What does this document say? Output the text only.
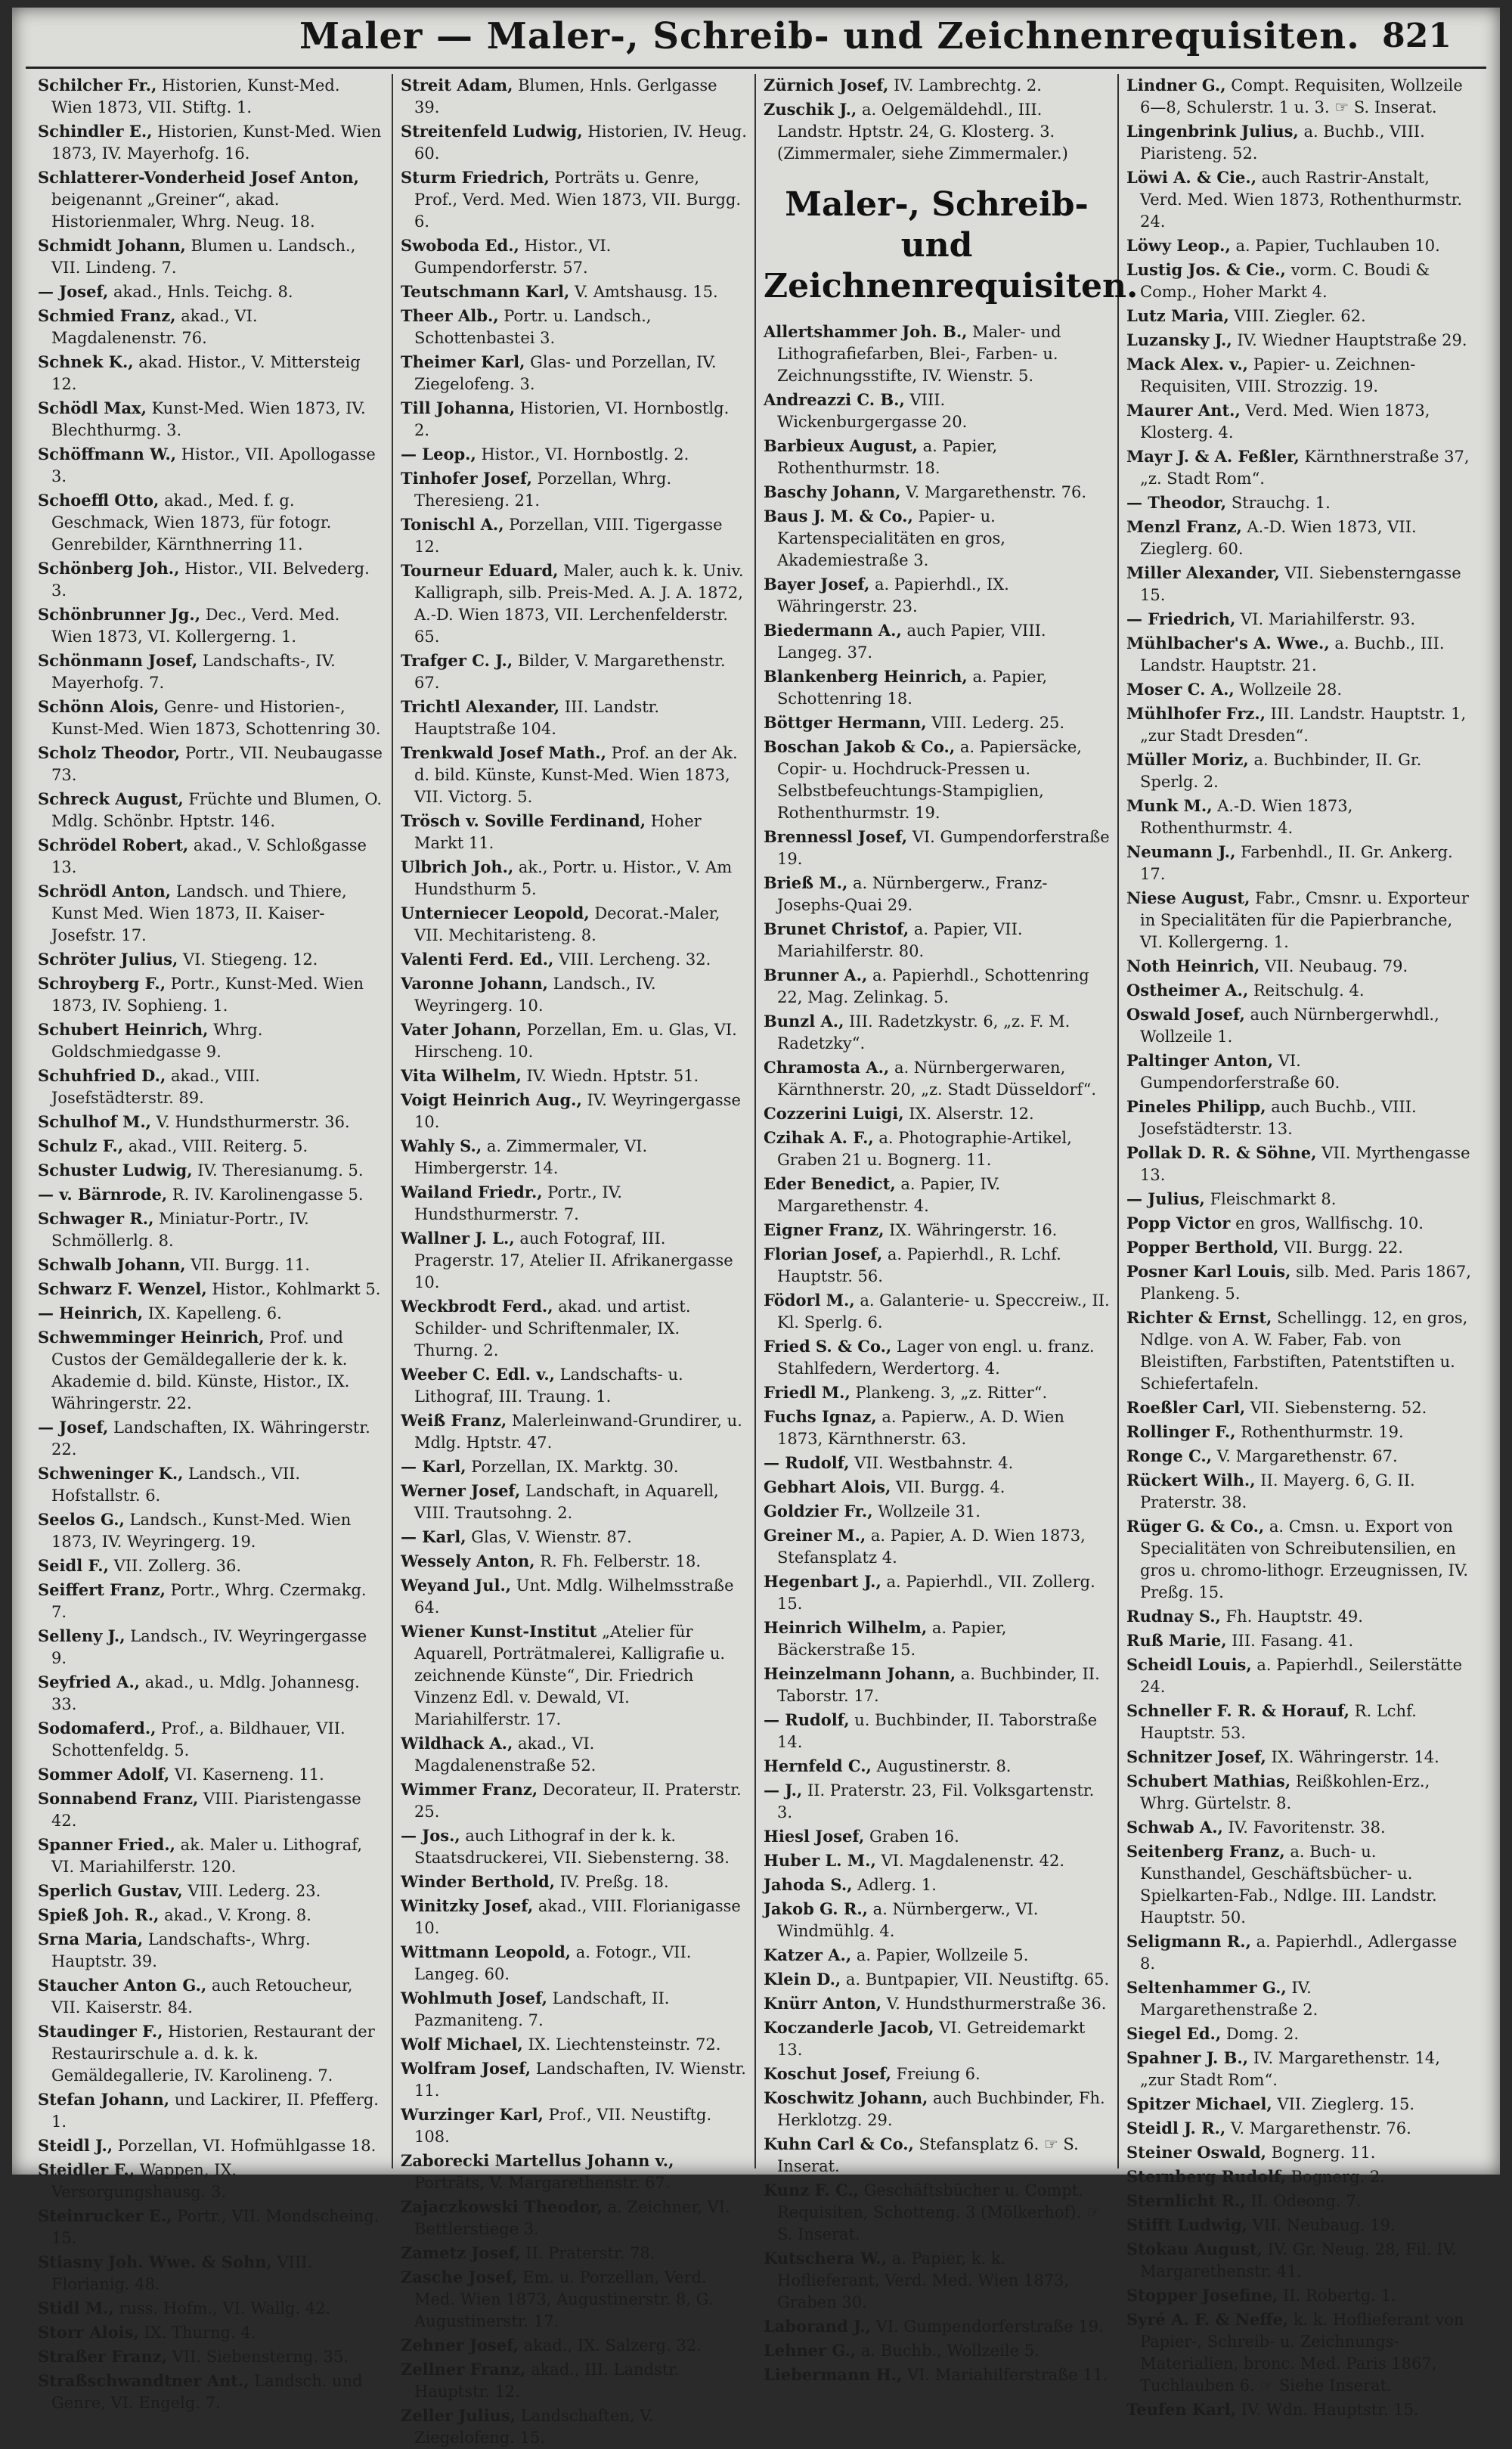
Maler — Maler-, Schreib- und Zeichnenrequisiten. 821
Schilcher Fr., Historien, Kunst-Med. Wien 1873, VII. Stiftg. 1.
Schindler E., Historien, Kunst-Med. Wien 1873, IV. Mayerhofg. 16.
Schlatterer-Vonderheid Josef Anton, beigenannt „Greiner“, akad. Historienmaler, Whrg. Neug. 18.
Schmidt Johann, Blumen u. Landsch., VII. Lindeng. 7.
— Josef, akad., Hnls. Teichg. 8.
Schmied Franz, akad., VI. Magdalenenstr. 76.
Schnek K., akad. Histor., V. Mittersteig 12.
Schödl Max, Kunst-Med. Wien 1873, IV. Blechthurmg. 3.
Schöffmann W., Histor., VII. Apollogasse 3.
Schoeffl Otto, akad., Med. f. g. Geschmack, Wien 1873, für fotogr. Genrebilder, Kärnthnerring 11.
Schönberg Joh., Histor., VII. Belvederg. 3.
Schönbrunner Jg., Dec., Verd. Med. Wien 1873, VI. Kollergerng. 1.
Schönmann Josef, Landschafts-, IV. Mayerhofg. 7.
Schönn Alois, Genre- und Historien-, Kunst-Med. Wien 1873, Schottenring 30.
Scholz Theodor, Portr., VII. Neubaugasse 73.
Schreck August, Früchte und Blumen, O. Mdlg. Schönbr. Hptstr. 146.
Schrödel Robert, akad., V. Schloßgasse 13.
Schrödl Anton, Landsch. und Thiere, Kunst Med. Wien 1873, II. Kaiser-Josefstr. 17.
Schröter Julius, VI. Stiegeng. 12.
Schroyberg F., Portr., Kunst-Med. Wien 1873, IV. Sophieng. 1.
Schubert Heinrich, Whrg. Goldschmiedgasse 9.
Schuhfried D., akad., VIII. Josefstädterstr. 89.
Schulhof M., V. Hundsthurmerstr. 36.
Schulz F., akad., VIII. Reiterg. 5.
Schuster Ludwig, IV. Theresianumg. 5.
— v. Bärnrode, R. IV. Karolinengasse 5.
Schwager R., Miniatur-Portr., IV. Schmöllerlg. 8.
Schwalb Johann, VII. Burgg. 11.
Schwarz F. Wenzel, Histor., Kohlmarkt 5.
— Heinrich, IX. Kapelleng. 6.
Schwemminger Heinrich, Prof. und Custos der Gemäldegallerie der k. k. Akademie d. bild. Künste, Histor., IX. Währingerstr. 22.
— Josef, Landschaften, IX. Währingerstr. 22.
Schweninger K., Landsch., VII. Hofstallstr. 6.
Seelos G., Landsch., Kunst-Med. Wien 1873, IV. Weyringerg. 19.
Seidl F., VII. Zollerg. 36.
Seiffert Franz, Portr., Whrg. Czermakg. 7.
Selleny J., Landsch., IV. Weyringergasse 9.
Seyfried A., akad., u. Mdlg. Johannesg. 33.
Sodomaferd., Prof., a. Bildhauer, VII. Schottenfeldg. 5.
Sommer Adolf, VI. Kaserneng. 11.
Sonnabend Franz, VIII. Piaristengasse 42.
Spanner Fried., ak. Maler u. Lithograf, VI. Mariahilferstr. 120.
Sperlich Gustav, VIII. Lederg. 23.
Spieß Joh. R., akad., V. Krong. 8.
Srna Maria, Landschafts-, Whrg. Hauptstr. 39.
Staucher Anton G., auch Retoucheur, VII. Kaiserstr. 84.
Staudinger F., Historien, Restaurant der Restaurirschule a. d. k. k. Gemäldegallerie, IV. Karolineng. 7.
Stefan Johann, und Lackirer, II. Pfefferg. 1.
Steidl J., Porzellan, VI. Hofmühlgasse 18.
Steidler F., Wappen, IX. Versorgungshausg. 3.
Steinrucker E., Portr., VII. Mondscheing. 15.
Stiasny Joh. Wwe. & Sohn, VIII. Florianig. 48.
Stidl M., russ. Hofm., VI. Wallg. 42.
Storr Alois, IX. Thurng. 4.
Straßer Franz, VII. Siebensterng. 35.
Straßschwandtner Ant., Landsch. und Genre, VI. Engelg. 7.
Streit Adam, Blumen, Hnls. Gerlgasse 39.
Streitenfeld Ludwig, Historien, IV. Heug. 60.
Sturm Friedrich, Porträts u. Genre, Prof., Verd. Med. Wien 1873, VII. Burgg. 6.
Swoboda Ed., Histor., VI. Gumpendorferstr. 57.
Teutschmann Karl, V. Amtshausg. 15.
Theer Alb., Portr. u. Landsch., Schottenbastei 3.
Theimer Karl, Glas- und Porzellan, IV. Ziegelofeng. 3.
Till Johanna, Historien, VI. Hornbostlg. 2.
— Leop., Histor., VI. Hornbostlg. 2.
Tinhofer Josef, Porzellan, Whrg. Theresieng. 21.
Tonischl A., Porzellan, VIII. Tigergasse 12.
Tourneur Eduard, Maler, auch k. k. Univ. Kalligraph, silb. Preis-Med. A. J. A. 1872, A.-D. Wien 1873, VII. Lerchenfelderstr. 65.
Trafger C. J., Bilder, V. Margarethenstr. 67.
Trichtl Alexander, III. Landstr. Hauptstraße 104.
Trenkwald Josef Math., Prof. an der Ak. d. bild. Künste, Kunst-Med. Wien 1873, VII. Victorg. 5.
Trösch v. Soville Ferdinand, Hoher Markt 11.
Ulbrich Joh., ak., Portr. u. Histor., V. Am Hundsthurm 5.
Unterniecer Leopold, Decorat.-Maler, VII. Mechitaristeng. 8.
Valenti Ferd. Ed., VIII. Lercheng. 32.
Varonne Johann, Landsch., IV. Weyringerg. 10.
Vater Johann, Porzellan, Em. u. Glas, VI. Hirscheng. 10.
Vita Wilhelm, IV. Wiedn. Hptstr. 51.
Voigt Heinrich Aug., IV. Weyringergasse 10.
Wahly S., a. Zimmermaler, VI. Himbergerstr. 14.
Wailand Friedr., Portr., IV. Hundsthurmerstr. 7.
Wallner J. L., auch Fotograf, III. Pragerstr. 17, Atelier II. Afrikanergasse 10.
Weckbrodt Ferd., akad. und artist. Schilder- und Schriftenmaler, IX. Thurng. 2.
Weeber C. Edl. v., Landschafts- u. Lithograf, III. Traung. 1.
Weiß Franz, Malerleinwand-Grundirer, u. Mdlg. Hptstr. 47.
— Karl, Porzellan, IX. Marktg. 30.
Werner Josef, Landschaft, in Aquarell, VIII. Trautsohng. 2.
— Karl, Glas, V. Wienstr. 87.
Wessely Anton, R. Fh. Felberstr. 18.
Weyand Jul., Unt. Mdlg. Wilhelmsstraße 64.
Wiener Kunst-Institut „Atelier für Aquarell, Porträtmalerei, Kalligrafie u. zeichnende Künste“, Dir. Friedrich Vinzenz Edl. v. Dewald, VI. Mariahilferstr. 17.
Wildhack A., akad., VI. Magdalenenstraße 52.
Wimmer Franz, Decorateur, II. Praterstr. 25.
— Jos., auch Lithograf in der k. k. Staatsdruckerei, VII. Siebensterng. 38.
Winder Berthold, IV. Preßg. 18.
Winitzky Josef, akad., VIII. Florianigasse 10.
Wittmann Leopold, a. Fotogr., VII. Langeg. 60.
Wohlmuth Josef, Landschaft, II. Pazmaniteng. 7.
Wolf Michael, IX. Liechtensteinstr. 72.
Wolfram Josef, Landschaften, IV. Wienstr. 11.
Wurzinger Karl, Prof., VII. Neustiftg. 108.
Zaborecki Martellus Johann v., Porträts, V. Margarethenstr. 67.
Zajaczkowski Theodor, a. Zeichner, VI. Bettlerstiege 3.
Zametz Josef, II. Praterstr. 78.
Zasche Josef, Em. u. Porzellan, Verd. Med. Wien 1873, Augustinerstr. 8, G. Augustinerstr. 17.
Zehner Josef, akad., IX. Salzerg. 32.
Zellner Franz, akad., III. Landstr. Hauptstr. 12.
Zeller Julius, Landschaften, V. Ziegelofeng. 15.
Zürnich Josef, IV. Lambrechtg. 2.
Zuschik J., a. Oelgemäldehdl., III. Landstr. Hptstr. 24, G. Klosterg. 3. (Zimmermaler, siehe Zimmermaler.)
Maler-, Schreib- und Zeichnenrequisiten.
Allertshammer Joh. B., Maler- und Lithografiefarben, Blei-, Farben- u. Zeichnungsstifte, IV. Wienstr. 5.
Andreazzi C. B., VIII. Wickenburgergasse 20.
Barbieux August, a. Papier, Rothenthurmstr. 18.
Baschy Johann, V. Margarethenstr. 76.
Baus J. M. & Co., Papier- u. Kartenspecialitäten en gros, Akademiestraße 3.
Bayer Josef, a. Papierhdl., IX. Währingerstr. 23.
Biedermann A., auch Papier, VIII. Langeg. 37.
Blankenberg Heinrich, a. Papier, Schottenring 18.
Böttger Hermann, VIII. Lederg. 25.
Boschan Jakob & Co., a. Papiersäcke, Copir- u. Hochdruck-Pressen u. Selbstbefeuchtungs-Stampiglien, Rothenthurmstr. 19.
Brennessl Josef, VI. Gumpendorferstraße 19.
Brieß M., a. Nürnbergerw., Franz-Josephs-Quai 29.
Brunet Christof, a. Papier, VII. Mariahilferstr. 80.
Brunner A., a. Papierhdl., Schottenring 22, Mag. Zelinkag. 5.
Bunzl A., III. Radetzkystr. 6, „z. F. M. Radetzky“.
Chramosta A., a. Nürnbergerwaren, Kärnthnerstr. 20, „z. Stadt Düsseldorf“.
Cozzerini Luigi, IX. Alserstr. 12.
Czihak A. F., a. Photographie-Artikel, Graben 21 u. Bognerg. 11.
Eder Benedict, a. Papier, IV. Margarethenstr. 4.
Eigner Franz, IX. Währingerstr. 16.
Florian Josef, a. Papierhdl., R. Lchf. Hauptstr. 56.
Födorl M., a. Galanterie- u. Speccreiw., II. Kl. Sperlg. 6.
Fried S. & Co., Lager von engl. u. franz. Stahlfedern, Werdertorg. 4.
Friedl M., Plankeng. 3, „z. Ritter“.
Fuchs Ignaz, a. Papierw., A. D. Wien 1873, Kärnthnerstr. 63.
— Rudolf, VII. Westbahnstr. 4.
Gebhart Alois, VII. Burgg. 4.
Goldzier Fr., Wollzeile 31.
Greiner M., a. Papier, A. D. Wien 1873, Stefansplatz 4.
Hegenbart J., a. Papierhdl., VII. Zollerg. 15.
Heinrich Wilhelm, a. Papier, Bäckerstraße 15.
Heinzelmann Johann, a. Buchbinder, II. Taborstr. 17.
— Rudolf, u. Buchbinder, II. Taborstraße 14.
Hernfeld C., Augustinerstr. 8.
— J., II. Praterstr. 23, Fil. Volksgartenstr. 3.
Hiesl Josef, Graben 16.
Huber L. M., VI. Magdalenenstr. 42.
Jahoda S., Adlerg. 1.
Jakob G. R., a. Nürnbergerw., VI. Windmühlg. 4.
Katzer A., a. Papier, Wollzeile 5.
Klein D., a. Buntpapier, VII. Neustiftg. 65.
Knürr Anton, V. Hundsthurmerstraße 36.
Koczanderle Jacob, VI. Getreidemarkt 13.
Koschut Josef, Freiung 6.
Koschwitz Johann, auch Buchbinder, Fh. Herklotzg. 29.
Kuhn Carl & Co., Stefansplatz 6. ☞ S. Inserat.
Kunz F. C., Geschäftsbücher u. Compt. Requisiten, Schotteng. 3 (Mölkerhof). ☞ S. Inserat.
Kutschera W., a. Papier, k. k. Hoflieferant, Verd. Med. Wien 1873, Graben 30.
Laborand J., VI. Gumpendorferstraße 19.
Lehner G., a. Buchb., Wollzeile 5.
Liebermann H., VI. Mariahilferstraße 11.
Lindner G., Compt. Requisiten, Wollzeile 6—8, Schulerstr. 1 u. 3. ☞ S. Inserat.
Lingenbrink Julius, a. Buchb., VIII. Piaristeng. 52.
Löwi A. & Cie., auch Rastrir-Anstalt, Verd. Med. Wien 1873, Rothenthurmstr. 24.
Löwy Leop., a. Papier, Tuchlauben 10.
Lustig Jos. & Cie., vorm. C. Boudi & Comp., Hoher Markt 4.
Lutz Maria, VIII. Ziegler. 62.
Luzansky J., IV. Wiedner Hauptstraße 29.
Mack Alex. v., Papier- u. Zeichnen-Requisiten, VIII. Strozzig. 19.
Maurer Ant., Verd. Med. Wien 1873, Klosterg. 4.
Mayr J. & A. Feßler, Kärnthnerstraße 37, „z. Stadt Rom“.
— Theodor, Strauchg. 1.
Menzl Franz, A.-D. Wien 1873, VII. Zieglerg. 60.
Miller Alexander, VII. Siebensterngasse 15.
— Friedrich, VI. Mariahilferstr. 93.
Mühlbacher's A. Wwe., a. Buchb., III. Landstr. Hauptstr. 21.
Moser C. A., Wollzeile 28.
Mühlhofer Frz., III. Landstr. Hauptstr. 1, „zur Stadt Dresden“.
Müller Moriz, a. Buchbinder, II. Gr. Sperlg. 2.
Munk M., A.-D. Wien 1873, Rothenthurmstr. 4.
Neumann J., Farbenhdl., II. Gr. Ankerg. 17.
Niese August, Fabr., Cmsnr. u. Exporteur in Specialitäten für die Papierbranche, VI. Kollergerng. 1.
Noth Heinrich, VII. Neubaug. 79.
Ostheimer A., Reitschulg. 4.
Oswald Josef, auch Nürnbergerwhdl., Wollzeile 1.
Paltinger Anton, VI. Gumpendorferstraße 60.
Pineles Philipp, auch Buchb., VIII. Josefstädterstr. 13.
Pollak D. R. & Söhne, VII. Myrthengasse 13.
— Julius, Fleischmarkt 8.
Popp Victor en gros, Wallfischg. 10.
Popper Berthold, VII. Burgg. 22.
Posner Karl Louis, silb. Med. Paris 1867, Plankeng. 5.
Richter & Ernst, Schellingg. 12, en gros, Ndlge. von A. W. Faber, Fab. von Bleistiften, Farbstiften, Patentstiften u. Schiefertafeln.
Roeßler Carl, VII. Siebensterng. 52.
Rollinger F., Rothenthurmstr. 19.
Ronge C., V. Margarethenstr. 67.
Rückert Wilh., II. Mayerg. 6, G. II. Praterstr. 38.
Rüger G. & Co., a. Cmsn. u. Export von Specialitäten von Schreibutensilien, en gros u. chromo-lithogr. Erzeugnissen, IV. Preßg. 15.
Rudnay S., Fh. Hauptstr. 49.
Ruß Marie, III. Fasang. 41.
Scheidl Louis, a. Papierhdl., Seilerstätte 24.
Schneller F. R. & Horauf, R. Lchf. Hauptstr. 53.
Schnitzer Josef, IX. Währingerstr. 14.
Schubert Mathias, Reißkohlen-Erz., Whrg. Gürtelstr. 8.
Schwab A., IV. Favoritenstr. 38.
Seitenberg Franz, a. Buch- u. Kunsthandel, Geschäftsbücher- u. Spielkarten-Fab., Ndlge. III. Landstr. Hauptstr. 50.
Seligmann R., a. Papierhdl., Adlergasse 8.
Seltenhammer G., IV. Margarethenstraße 2.
Siegel Ed., Domg. 2.
Spahner J. B., IV. Margarethenstr. 14, „zur Stadt Rom“.
Spitzer Michael, VII. Zieglerg. 15.
Steidl J. R., V. Margarethenstr. 76.
Steiner Oswald, Bognerg. 11.
Sternberg Rudolf, Bognerg. 2.
Sternlicht R., II. Odeong. 7.
Stifft Ludwig, VII. Neubaug. 19.
Stokau August, IV. Gr. Neug. 28, Fil. IV. Margarethenstr. 41.
Stopper Josefine, II. Robertg. 1.
Syré A. F. & Neffe, k. k. Hoflieferant von Papier-, Schreib- u. Zeichnungs-Materialien, bronc. Med. Paris 1867, Tuchlauben 6. ☞ Siehe Inserat.
Teufen Karl, IV. Wdn. Hauptstr. 15.
